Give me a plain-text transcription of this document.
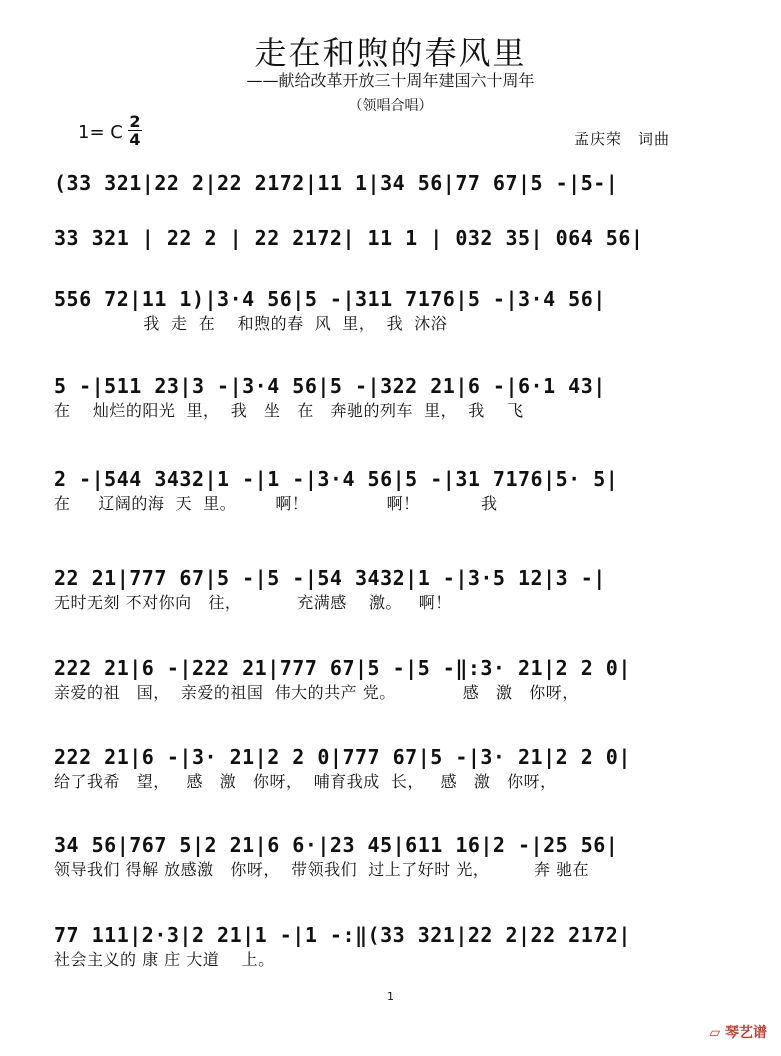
走在和煦的春风里
——献给改革开放三十周年建国六十周年
（领唱合唱）
1= C
2
4	孟庆荣　词曲
(33 321|22 2|22 2172|11 1|34 56|77 67|5 -|5-|
33 321 | 22 2 | 22 2172| 11 1 | 032 35| 064 56|
556 72|11 1)|3·4 56|5 -|311 7176|5 -|3·4 56|
我  走  在    和煦的春  风  里，  我  沐浴
5 -|511 23|3 -|3·4 56|5 -|322 21|6 -|6·1 43|
在    灿烂的阳光  里，  我   坐   在   奔驰的列车  里，  我    飞
2 -|544 3432|1 -|1 -|3·4 56|5 -|31 7176|5· 5|
在     辽阔的海  天  里。       啊！              啊！           我
22 21|777 67|5 -|5 -|54 3432|1 -|3·5 12|3 -|
无时无刻 不对你向   往，          充满感    激。   啊！
222 21|6 -|222 21|777 67|5 -|5 -‖:3· 21|2 2 0|
亲爱的祖   国，  亲爱的祖国  伟大的共产 党。            感   激   你呀，
222 21|6 -|3· 21|2 2 0|777 67|5 -|3· 21|2 2 0|
给了我希   望，   感   激   你呀，  哺育我成  长，   感   激   你呀，
34 56|767 5|2 21|6 6·|23 45|611 16|2 -|25 56|
领导我们 得解 放感激   你呀，  带领我们  过上了好时 光，        奔 驰在
77 111|2·3|2 21|1 -|1 -:‖(33 321|22 2|22 2172|
社会主义的 康 庄 大道    上。
1
▱ 琴艺谱
